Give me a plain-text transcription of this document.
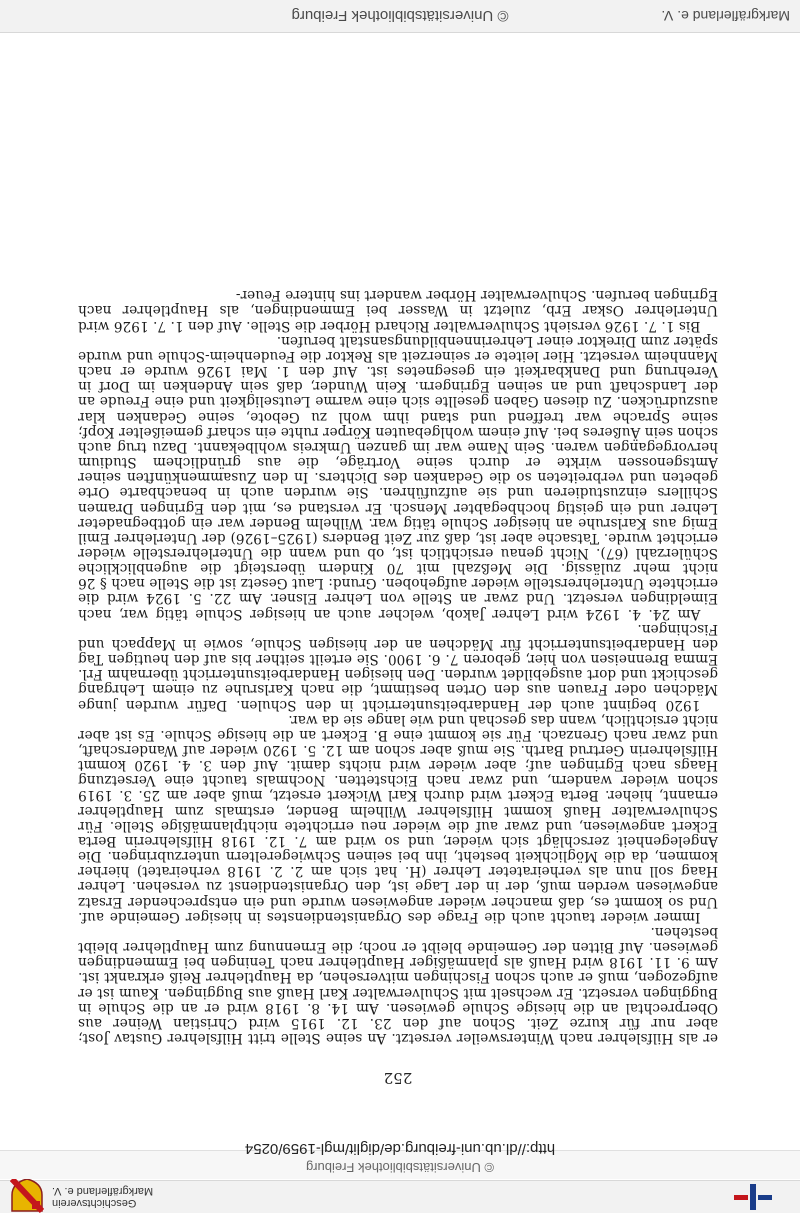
Geschichtsverein
Markgräflerland e. V.
© Universitätsbibliothek Freiburg
http://dl.ub.uni-freiburg.de/diglit/mgl-1959/0254
252

er als Hilfslehrer nach Wintersweiler versetzt. An seine Stelle tritt Hilfslehrer Gustav Jost; aber nur für kurze Zeit. Schon auf den 23. 12. 1915 wird Christian Weiner aus Oberprechtal an die hiesige Schule gewiesen. Am 14. 8. 1918 wird er an die Schule in Buggingen versetzt. Er wechselt mit Schulverwalter Karl Hauß aus Buggingen. Kaum ist er aufgezogen, muß er auch schon Fischingen mitversehen, da Hauptlehrer Reiß erkrankt ist. Am 9. 11. 1918 wird Hauß als planmäßiger Hauptlehrer nach Teningen bei Emmendingen gewiesen. Auf Bitten der Gemeinde bleibt er noch; die Ernennung zum Hauptlehrer bleibt bestehen.

Immer wieder taucht auch die Frage des Organistendienstes in hiesiger Gemeinde auf. Und so kommt es, daß mancher wieder angewiesen wurde und ein entsprechender Ersatz angewiesen werden muß, der in der Lage ist, den Organistendienst zu versehen. Lehrer Haag soll nun als verheirateter Lehrer (H. hat sich am 2. 2. 1918 verheiratet) hierher kommen, da die Möglichkeit besteht, ihn bei seinen Schwiegereltern unterzubringen. Die Angelegenheit zerschlägt sich wieder, und so wird am 7. 12. 1918 Hilfslehrerin Berta Eckert angewiesen, und zwar auf die wieder neu errichtete nichtplanmäßige Stelle. Für Schulverwalter Hauß kommt Hilfslehrer Wilhelm Bender, erstmals zum Hauptlehrer ernannt, hieher. Berta Eckert wird durch Karl Wickert ersetzt, muß aber am 25. 3. 1919 schon wieder wandern, und zwar nach Eichstetten. Nochmals taucht eine Versetzung Haags nach Egringen auf; aber wieder wird nichts damit. Auf den 3. 4. 1920 kommt Hilfslehrerin Gertrud Barth. Sie muß aber schon am 12. 5. 1920 wieder auf Wanderschaft, und zwar nach Grenzach. Für sie kommt eine B. Eckert an die hiesige Schule. Es ist aber nicht ersichtlich, wann das geschah und wie lange sie da war.

1920 beginnt auch der Handarbeitsunterricht in den Schulen. Dafür wurden junge Mädchen oder Frauen aus den Orten bestimmt, die nach Karlsruhe zu einem Lehrgang geschickt und dort ausgebildet wurden. Den hiesigen Handarbeitsunterricht übernahm Frl. Emma Brenneisen von hier, geboren 7. 6. 1900. Sie erteilt seither bis auf den heutigen Tag den Handarbeitsunterricht für Mädchen an der hiesigen Schule, sowie in Mappach und Fischingen.

Am 24. 4. 1924 wird Lehrer Jakob, welcher auch an hiesiger Schule tätig war, nach Eimeldingen versetzt. Und zwar an Stelle von Lehrer Elsner. Am 22. 5. 1924 wird die errichtete Unterlehrerstelle wieder aufgehoben. Grund: Laut Gesetz ist die Stelle nach § 26 nicht mehr zulässig. Die Meßzahl mit 70 Kindern übersteigt die augenblickliche Schülerzahl (67). Nicht genau ersichtlich ist, ob und wann die Unterlehrerstelle wieder errichtet wurde. Tatsache aber ist, daß zur Zeit Benders (1925–1926) der Unterlehrer Emil Emig aus Karlsruhe an hiesiger Schule tätig war. Wilhelm Bender war ein gottbegnadeter Lehrer und ein geistig hochbegabter Mensch. Er verstand es, mit den Egringen Dramen Schillers einzustudieren und sie aufzuführen. Sie wurden auch in benachbarte Orte gebeten und verbreiteten so die Gedanken des Dichters. In den Zusammenkünften seiner Amtsgenossen wirkte er durch seine Vorträge, die aus gründlichem Studium hervorgegangen waren. Sein Name war im ganzen Umkreis wohlbekannt. Dazu trug auch schon sein Äußeres bei. Auf einem wohlgebauten Körper ruhte ein scharf gemeißelter Kopf; seine Sprache war treffend und stand ihm wohl zu Gebote, seine Gedanken klar auszudrücken. Zu diesen Gaben gesellte sich eine warme Leutseligkeit und eine Freude an der Landschaft und an seinen Egringern. Kein Wunder, daß sein Andenken im Dorf in Verehrung und Dankbarkeit ein gesegnetes ist. Auf den 1. Mai 1926 wurde er nach Mannheim versetzt. Hier leitete er seinerzeit als Rektor die Feudenheim-Schule und wurde später zum Direktor einer Lehrerinnenbildungsanstalt berufen.

Bis 1. 7. 1926 versieht Schulverwalter Richard Hörber die Stelle. Auf den 1. 7. 1926 wird Unterlehrer Oskar Erb, zuletzt in Wasser bei Emmendingen, als Hauptlehrer nach Egringen berufen. Schulverwalter Hörber wandert ins hintere Feuer-

Markgräflerland e. V.
© Universitätsbibliothek Freiburg
